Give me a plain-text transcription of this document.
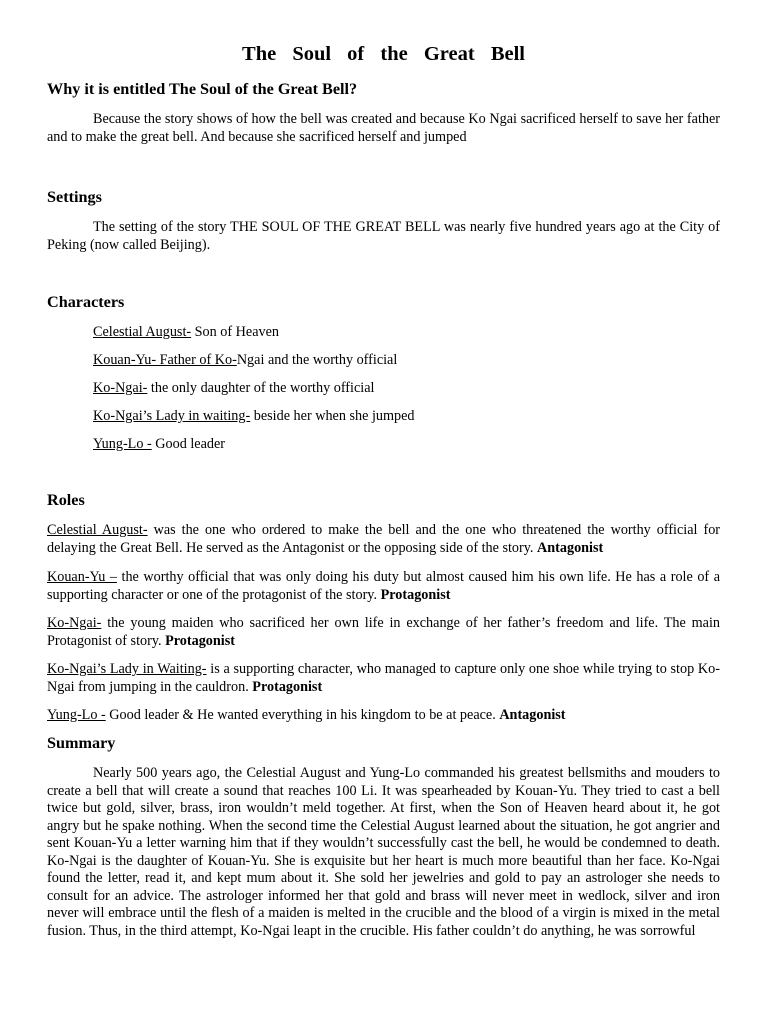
The Soul of the Great Bell
Why it is entitled The Soul of the Great Bell?

Because the story shows of how the bell was created and because Ko Ngai sacrificed herself to save her father and to make the great bell. And because she sacrificed herself and jumped

Settings

The setting of the story THE SOUL OF THE GREAT BELL was nearly five hundred years ago at the City of Peking (now called Beijing).

Characters

Celestial August- Son of Heaven

Kouan-Yu- Father of Ko-Ngai and the worthy official

Ko-Ngai- the only daughter of the worthy official

Ko-Ngai’s Lady in waiting- beside her when she jumped

Yung-Lo - Good leader

Roles

Celestial August- was the one who ordered to make the bell and the one who threatened the worthy official for delaying the Great Bell. He served as the Antagonist or the opposing side of the story. Antagonist

Kouan-Yu – the worthy official that was only doing his duty but almost caused him his own life. He has a role of a supporting character or one of the protagonist of the story. Protagonist

Ko-Ngai- the young maiden who sacrificed her own life in exchange of her father’s freedom and life. The main Protagonist of story. Protagonist

Ko-Ngai’s Lady in Waiting- is a supporting character, who managed to capture only one shoe while trying to stop Ko-Ngai from jumping in the cauldron. Protagonist

Yung-Lo - Good leader & He wanted everything in his kingdom to be at peace. Antagonist

Summary

Nearly 500 years ago, the Celestial August and Yung-Lo commanded his greatest bellsmiths and mouders to create a bell that will create a sound that reaches 100 Li. It was spearheaded by Kouan-Yu. They tried to cast a bell twice but gold, silver, brass, iron wouldn’t meld together. At first, when the Son of Heaven heard about it, he got angry but he spake nothing. When the second time the Celestial August learned about the situation, he got angrier and sent Kouan-Yu a letter warning him that if they wouldn’t successfully cast the bell, he would be condemned to death. Ko-Ngai is the daughter of Kouan-Yu. She is exquisite but her heart is much more beautiful than her face. Ko-Ngai found the letter, read it, and kept mum about it. She sold her jewelries and gold to pay an astrologer she needs to consult for an advice. The astrologer informed her that gold and brass will never meet in wedlock, silver and iron never will embrace until the flesh of a maiden is melted in the crucible and the blood of a virgin is mixed in the metal fusion. Thus, in the third attempt, Ko-Ngai leapt in the crucible. His father couldn’t do anything, he was sorrowful
